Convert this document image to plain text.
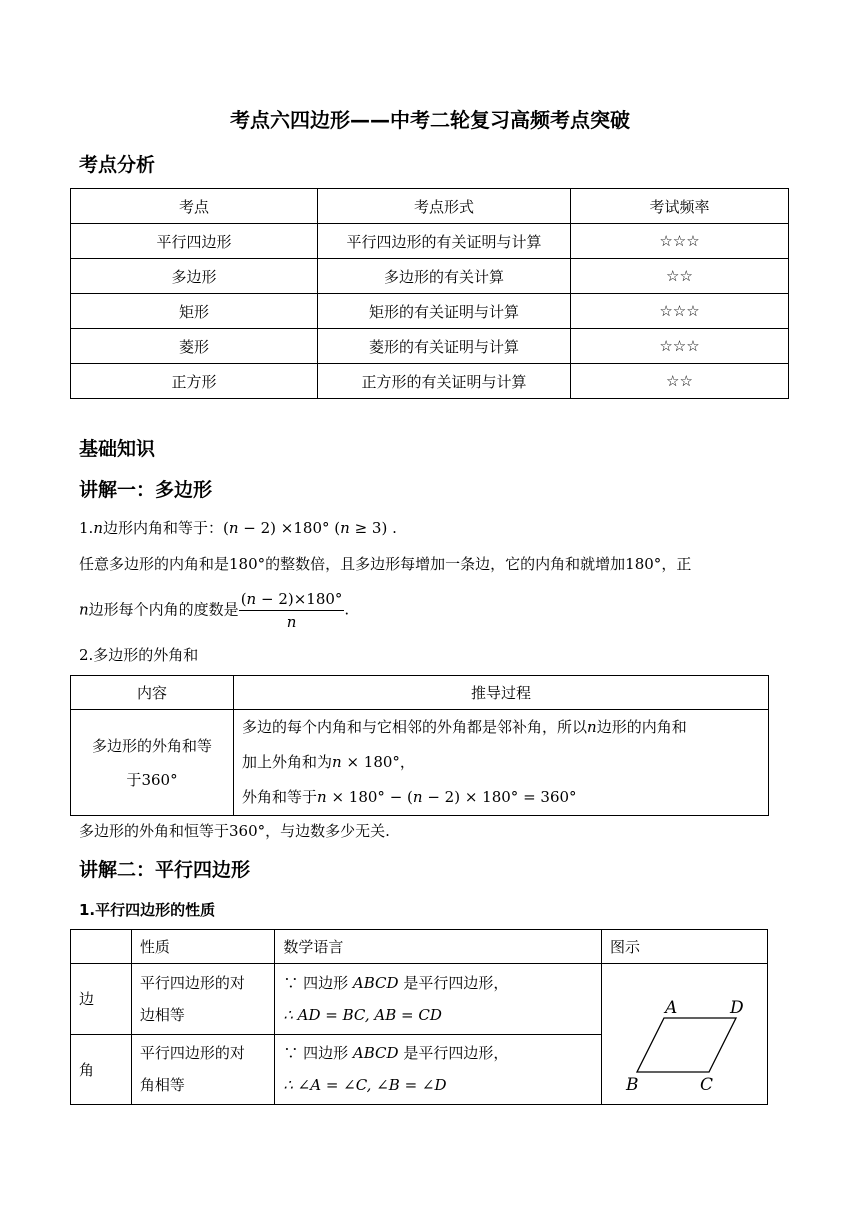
考点六四边形——中考二轮复习高频考点突破
考点分析
考点	考点形式	考试频率
平行四边形	平行四边形的有关证明与计算	☆☆☆
多边形	多边形的有关计算	☆☆
矩形	矩形的有关证明与计算	☆☆☆
菱形	菱形的有关证明与计算	☆☆☆
正方形	正方形的有关证明与计算	☆☆
基础知识
讲解一：多边形
1.n边形内角和等于：(n − 2) ×180° (n ≥ 3) .
任意多边形的内角和是180°的整数倍，且多边形每增加一条边，它的内角和就增加180°，正
n边形每个内角的度数是 $\frac{(n - 2)\times 180^\circ}{n}$ .
2.多边形的外角和
内容	推导过程
多边形的外角和等
于360°	多边的每个内角和与它相邻的外角都是邻补角，所以n边形的内角和
加上外角和为n × 180°，
外角和等于n × 180° − (n − 2) × 180° = 360°
多边形的外角和恒等于360°，与边数多少无关.
讲解二：平行四边形
1.平行四边形的性质
	性质	数学语言	图示
边	平行四边形的对
边相等	∵ 四边形 ABCD 是平行四边形，
∴ AD = BC, AB = CD	A D
B C

角	平行四边形的对
角相等	∵ 四边形 ABCD 是平行四边形，
∴ ∠A = ∠C, ∠B = ∠D	
